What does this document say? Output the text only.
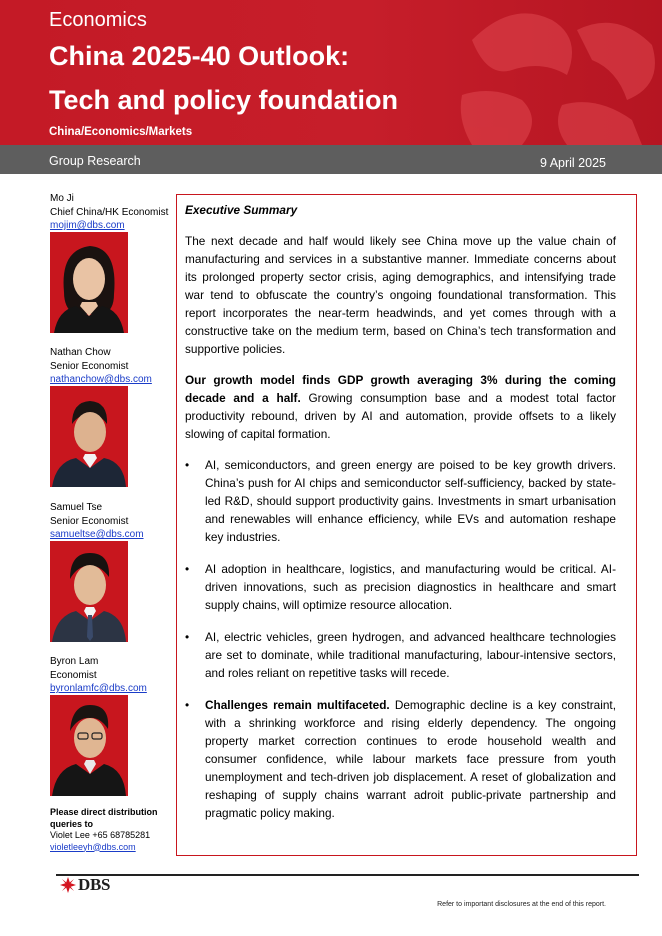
Economics
China 2025-40 Outlook:
Tech and policy foundation
China/Economics/Markets
Group Research	9 April 2025
Mo Ji
Chief China/HK Economist
mojim@dbs.com
Nathan Chow
Senior Economist
nathanchow@dbs.com
Samuel Tse
Senior Economist
samueltse@dbs.com
Byron Lam
Economist
byronlamfc@dbs.com
Please direct distribution queries to
Violet Lee +65 68785281
violetleeyh@dbs.com
Executive Summary

The next decade and half would likely see China move up the value chain of manufacturing and services in a substantive manner. Immediate concerns about its prolonged property sector crisis, aging demographics, and intensifying trade war tend to obfuscate the country’s ongoing foundational transformation. This report incorporates the near-term headwinds, and yet comes through with a constructive take on the medium term, based on China’s tech transformation and supportive policies.

Our growth model finds GDP growth averaging 3% during the coming decade and a half. Growing consumption base and a modest total factor productivity rebound, driven by AI and automation, provide offsets to a likely slowing of capital formation.

• AI, semiconductors, and green energy are poised to be key growth drivers. China’s push for AI chips and semiconductor self-sufficiency, backed by state-led R&D, should support productivity gains. Investments in smart urbanisation and renewables will enhance efficiency, while EVs and automation reshape key industries.
• AI adoption in healthcare, logistics, and manufacturing would be critical. AI-driven innovations, such as precision diagnostics in healthcare and smart supply chains, will optimize resource allocation.
• AI, electric vehicles, green hydrogen, and advanced healthcare technologies are set to dominate, while traditional manufacturing, labour-intensive sectors, and roles reliant on repetitive tasks will recede.
• Challenges remain multifaceted. Demographic decline is a key constraint, with a shrinking workforce and rising elderly dependency. The ongoing property market correction continues to erode household wealth and consumer confidence, while labour markets face pressure from youth unemployment and tech-driven job displacement. A reset of globalization and reshaping of supply chains warrant adroit public-private partnership and pragmatic policy making.
DBS
Refer to important disclosures at the end of this report.
